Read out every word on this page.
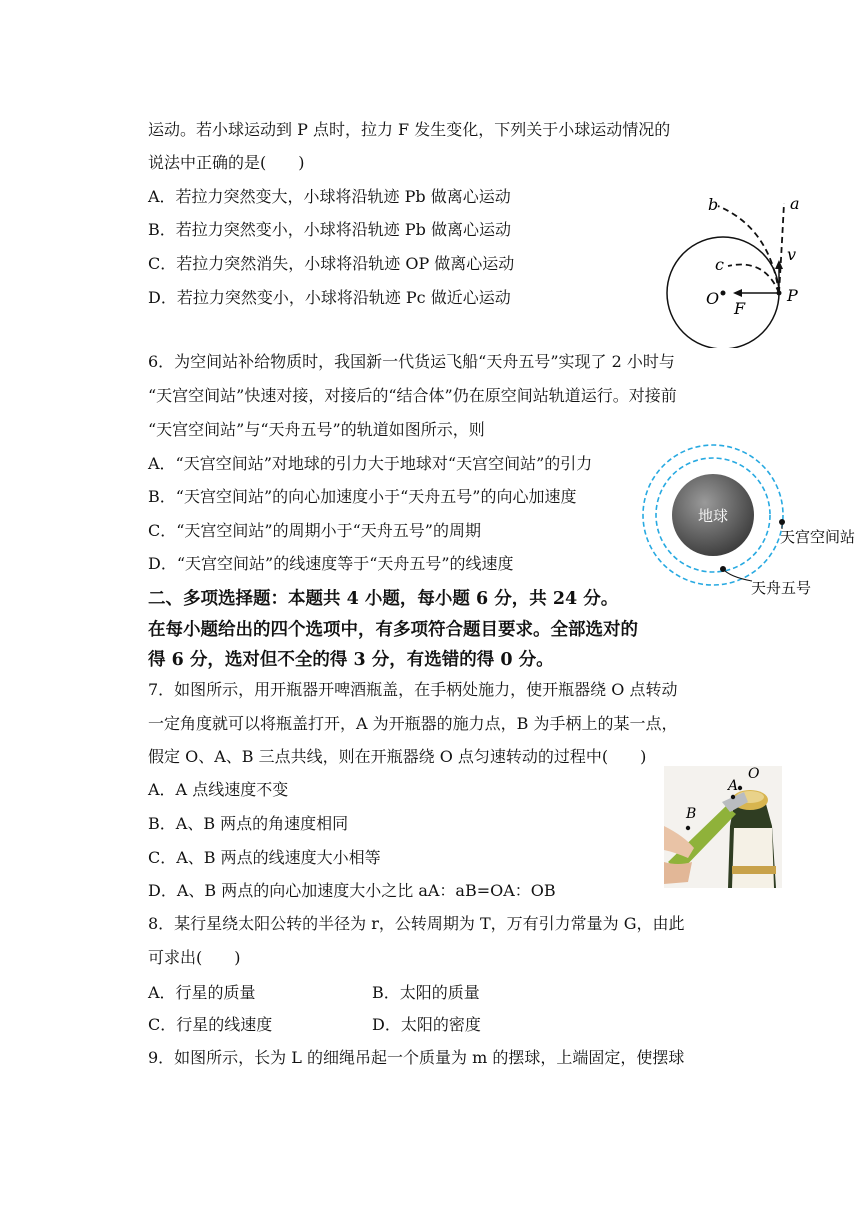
运动。若小球运动到 P 点时，拉力 F 发生变化，下列关于小球运动情况的
说法中正确的是(　　)
A．若拉力突然变大，小球将沿轨迹 Pb 做离心运动
B．若拉力突然变小，小球将沿轨迹 Pb 做离心运动
C．若拉力突然消失，小球将沿轨迹 OP 做离心运动
D．若拉力突然变小，小球将沿轨迹 Pc 做近心运动
6．为空间站补给物质时，我国新一代货运飞船“天舟五号”实现了 2 小时与
“天宫空间站”快速对接，对接后的“结合体”仍在原空间站轨道运行。对接前
“天宫空间站”与“天舟五号”的轨道如图所示，则
A．“天宫空间站”对地球的引力大于地球对“天宫空间站”的引力
B．“天宫空间站”的向心加速度小于“天舟五号”的向心加速度
C．“天宫空间站”的周期小于“天舟五号”的周期
D．“天宫空间站”的线速度等于“天舟五号”的线速度
二、多项选择题：本题共 4 小题，每小题 6 分，共 24 分。
在每小题给出的四个选项中，有多项符合题目要求。全部选对的
得 6 分，选对但不全的得 3 分，有选错的得 0 分。
7．如图所示，用开瓶器开啤酒瓶盖，在手柄处施力，使开瓶器绕 O 点转动
一定角度就可以将瓶盖打开，A 为开瓶器的施力点，B 为手柄上的某一点，
假定 O、A、B 三点共线，则在开瓶器绕 O 点匀速转动的过程中(　　)
A．A 点线速度不变
B．A、B 两点的角速度相同
C．A、B 两点的线速度大小相等
D．A、B 两点的向心加速度大小之比 aA：aB=OA：OB
8．某行星绕太阳公转的半径为 r，公转周期为 T，万有引力常量为 G，由此
可求出(　　)
A．行星的质量	B．太阳的质量
C．行星的线速度	D．太阳的密度
9．如图所示，长为 L 的细绳吊起一个质量为 m 的摆球，上端固定，使摆球
b	a
v
c
O	P
F
地球
天宫空间站
天舟五号
O
A
B
